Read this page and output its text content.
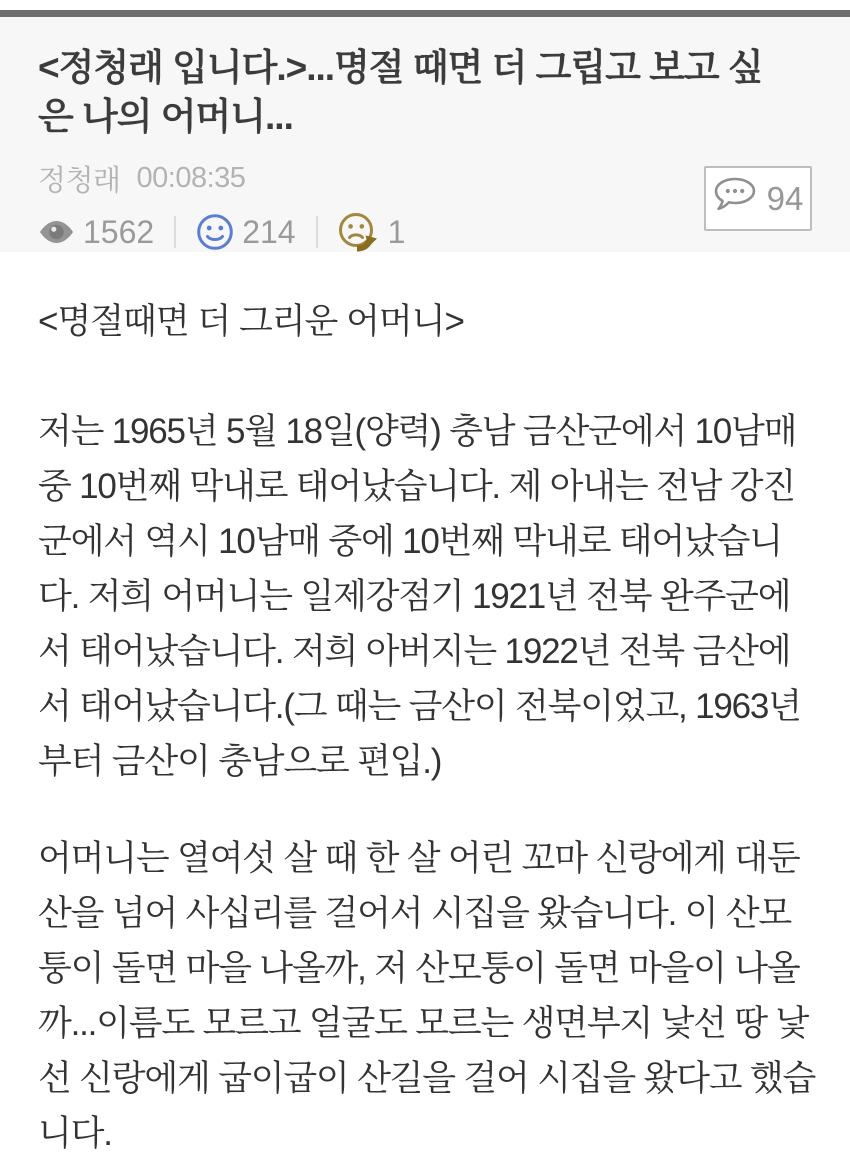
<정청래 입니다.>...명절 때면 더 그립고 보고 싶은 나의 어머니...
정청래 00:08:35
1562	214	1
94
<명절때면 더 그리운 어머니>

저는 1965년 5월 18일(양력) 충남 금산군에서 10남매중 10번째 막내로 태어났습니다. 제 아내는 전남 강진군에서 역시 10남매 중에 10번째 막내로 태어났습니다. 저희 어머니는 일제강점기 1921년 전북 완주군에서 태어났습니다. 저희 아버지는 1922년 전북 금산에서 태어났습니다.(그 때는 금산이 전북이었고, 1963년부터 금산이 충남으로 편입.)

어머니는 열여섯 살 때 한 살 어린 꼬마 신랑에게 대둔산을 넘어 사십리를 걸어서 시집을 왔습니다. 이 산모퉁이 돌면 마을 나올까, 저 산모퉁이 돌면 마을이 나올까...이름도 모르고 얼굴도 모르는 생면부지 낯선 땅 낯선 신랑에게 굽이굽이 산길을 걸어 시집을 왔다고 했습니다.
